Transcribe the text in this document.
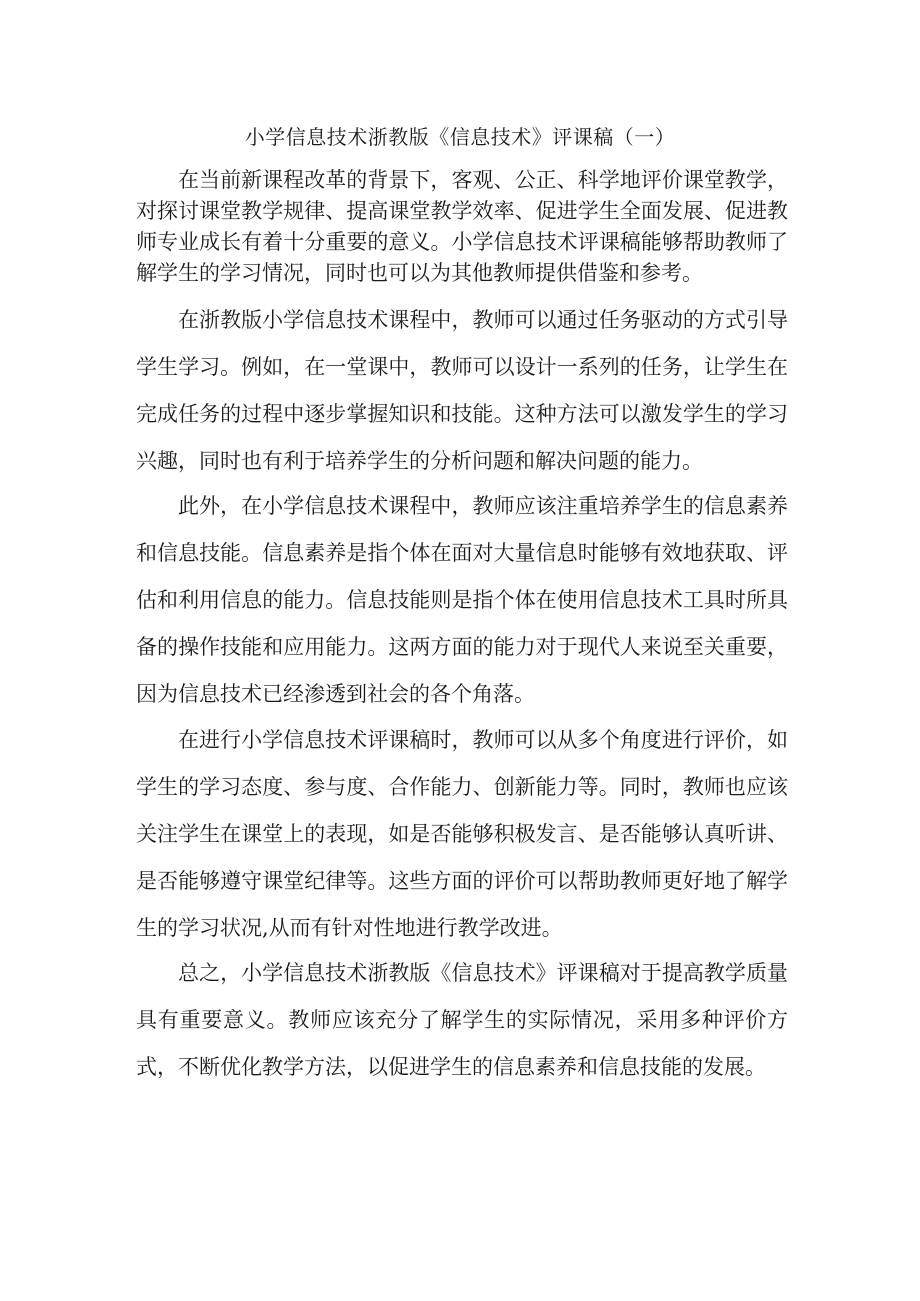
小学信息技术浙教版《信息技术》评课稿（一）

在当前新课程改革的背景下，客观、公正、科学地评价课堂教学，对探讨课堂教学规律、提高课堂教学效率、促进学生全面发展、促进教师专业成长有着十分重要的意义。小学信息技术评课稿能够帮助教师了解学生的学习情况，同时也可以为其他教师提供借鉴和参考。

在浙教版小学信息技术课程中，教师可以通过任务驱动的方式引导学生学习。例如，在一堂课中，教师可以设计一系列的任务，让学生在完成任务的过程中逐步掌握知识和技能。这种方法可以激发学生的学习兴趣，同时也有利于培养学生的分析问题和解决问题的能力。

此外，在小学信息技术课程中，教师应该注重培养学生的信息素养和信息技能。信息素养是指个体在面对大量信息时能够有效地获取、评估和利用信息的能力。信息技能则是指个体在使用信息技术工具时所具备的操作技能和应用能力。这两方面的能力对于现代人来说至关重要，因为信息技术已经渗透到社会的各个角落。

在进行小学信息技术评课稿时，教师可以从多个角度进行评价，如学生的学习态度、参与度、合作能力、创新能力等。同时，教师也应该关注学生在课堂上的表现，如是否能够积极发言、是否能够认真听讲、是否能够遵守课堂纪律等。这些方面的评价可以帮助教师更好地了解学生的学习状况,从而有针对性地进行教学改进。

总之，小学信息技术浙教版《信息技术》评课稿对于提高教学质量具有重要意义。教师应该充分了解学生的实际情况，采用多种评价方式，不断优化教学方法，以促进学生的信息素养和信息技能的发展。
